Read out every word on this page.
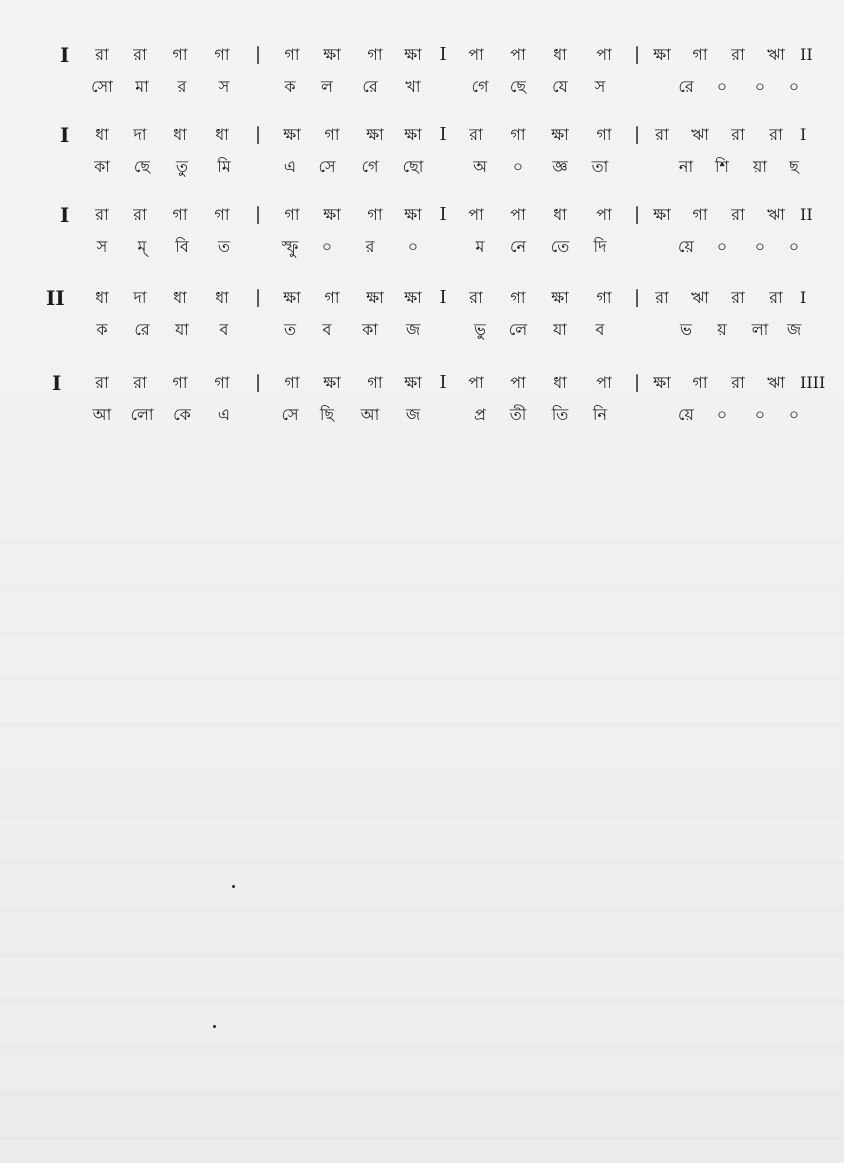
I রা রা গা গা | গা ক্ষা গা ক্ষা I পা পা ধা পা | ক্ষা গা রা ঋা II
সো মা র স	ক ল রে খা	গে ছে যে স	রে ০ ০ ০
I ধা দা ধা ধা | ক্ষা গা ক্ষা ক্ষা I রা গা ক্ষা গা | রা ঋা রা রা I
কা ছে তু মি	এ সে গে ছো	অ ০ জ্ঞ তা	না শি য়া ছ
I রা রা গা গা | গা ক্ষা গা ক্ষা I পা পা ধা পা | ক্ষা গা রা ঋা II
স ম্ বি ত	স্ফু ০ র ০	ম নে তে দি	য়ে ০ ০ ০
II ধা দা ধা ধা | ক্ষা গা ক্ষা ক্ষা I রা গা ক্ষা গা | রা ঋা রা রা I
ক রে যা ব	ত ব কা জ	ভু লে যা ব	ভ য় লা জ
I রা রা গা গা | গা ক্ষা গা ক্ষা I পা পা ধা পা | ক্ষা গা রা ঋা IIII
আ লো কে এ	সে ছি আ জ	প্র তী তি নি	য়ে ০ ০ ০
